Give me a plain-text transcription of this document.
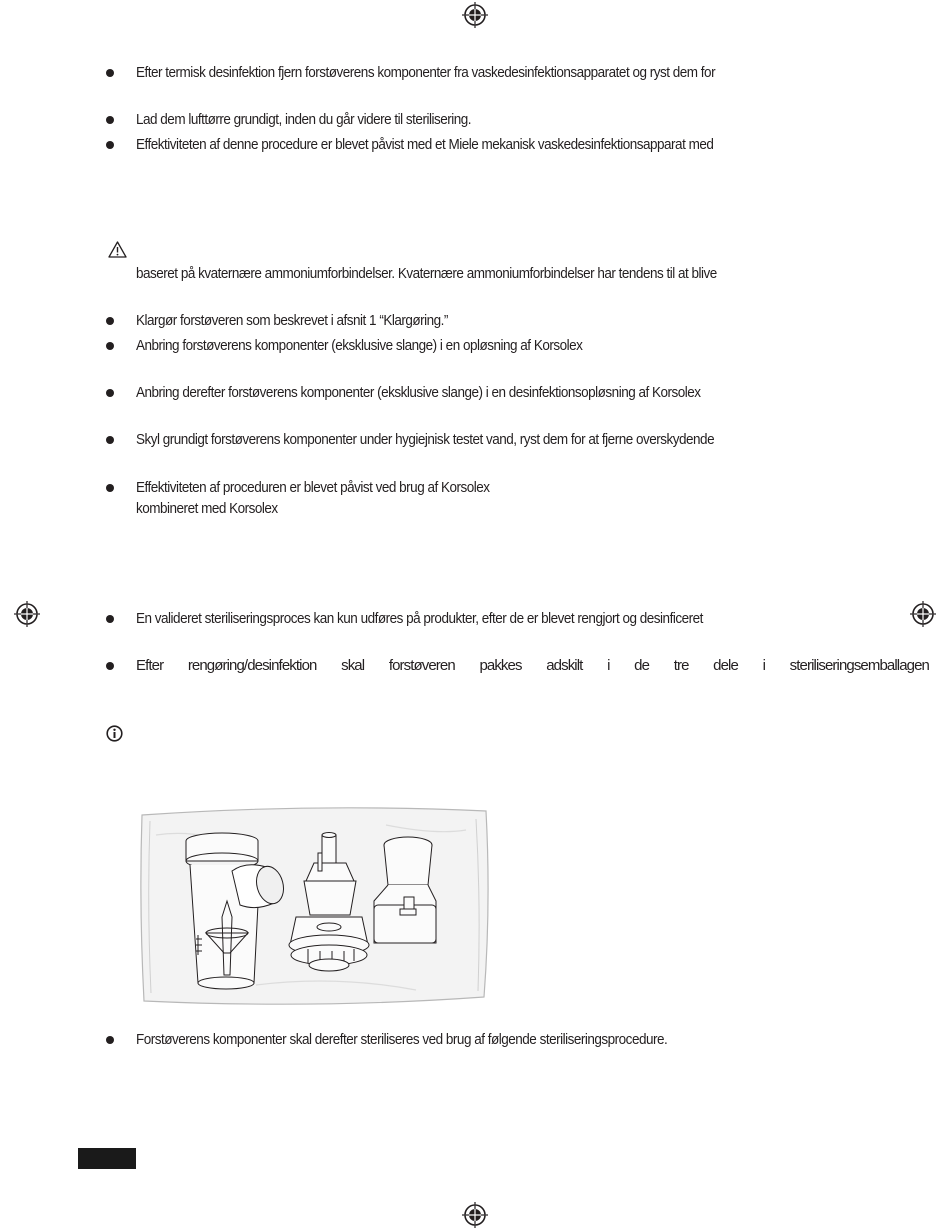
Efter termisk desinfektion fjern forstøverens komponenter fra vaskedesinfektionsapparatet og ryst dem for
Lad dem lufttørre grundigt, inden du går videre til sterilisering.
Effektiviteten af denne procedure er blevet påvist med et Miele mekanisk vaskedesinfektionsapparat med
baseret på kvaternære ammoniumforbindelser. Kvaternære ammoniumforbindelser har tendens til at blive
Klargør forstøveren som beskrevet i afsnit 1 “Klargøring.”
Anbring forstøverens komponenter (eksklusive slange) i en opløsning af Korsolex
Anbring derefter forstøverens komponenter (eksklusive slange) i en desinfektionsopløsning af Korsolex
Skyl grundigt forstøverens komponenter under hygiejnisk testet vand, ryst dem for at fjerne overskydende
Effektiviteten af proceduren er blevet påvist ved brug af Korsolex
kombineret med Korsolex
En valideret steriliseringsproces kan kun udføres på produkter, efter de er blevet rengjort og desinficeret
Efter rengøring/desinfektion skal forstøveren pakkes adskilt i de tre dele i steriliseringsemballagen
Forstøverens komponenter skal derefter steriliseres ved brug af følgende steriliseringsprocedure.
